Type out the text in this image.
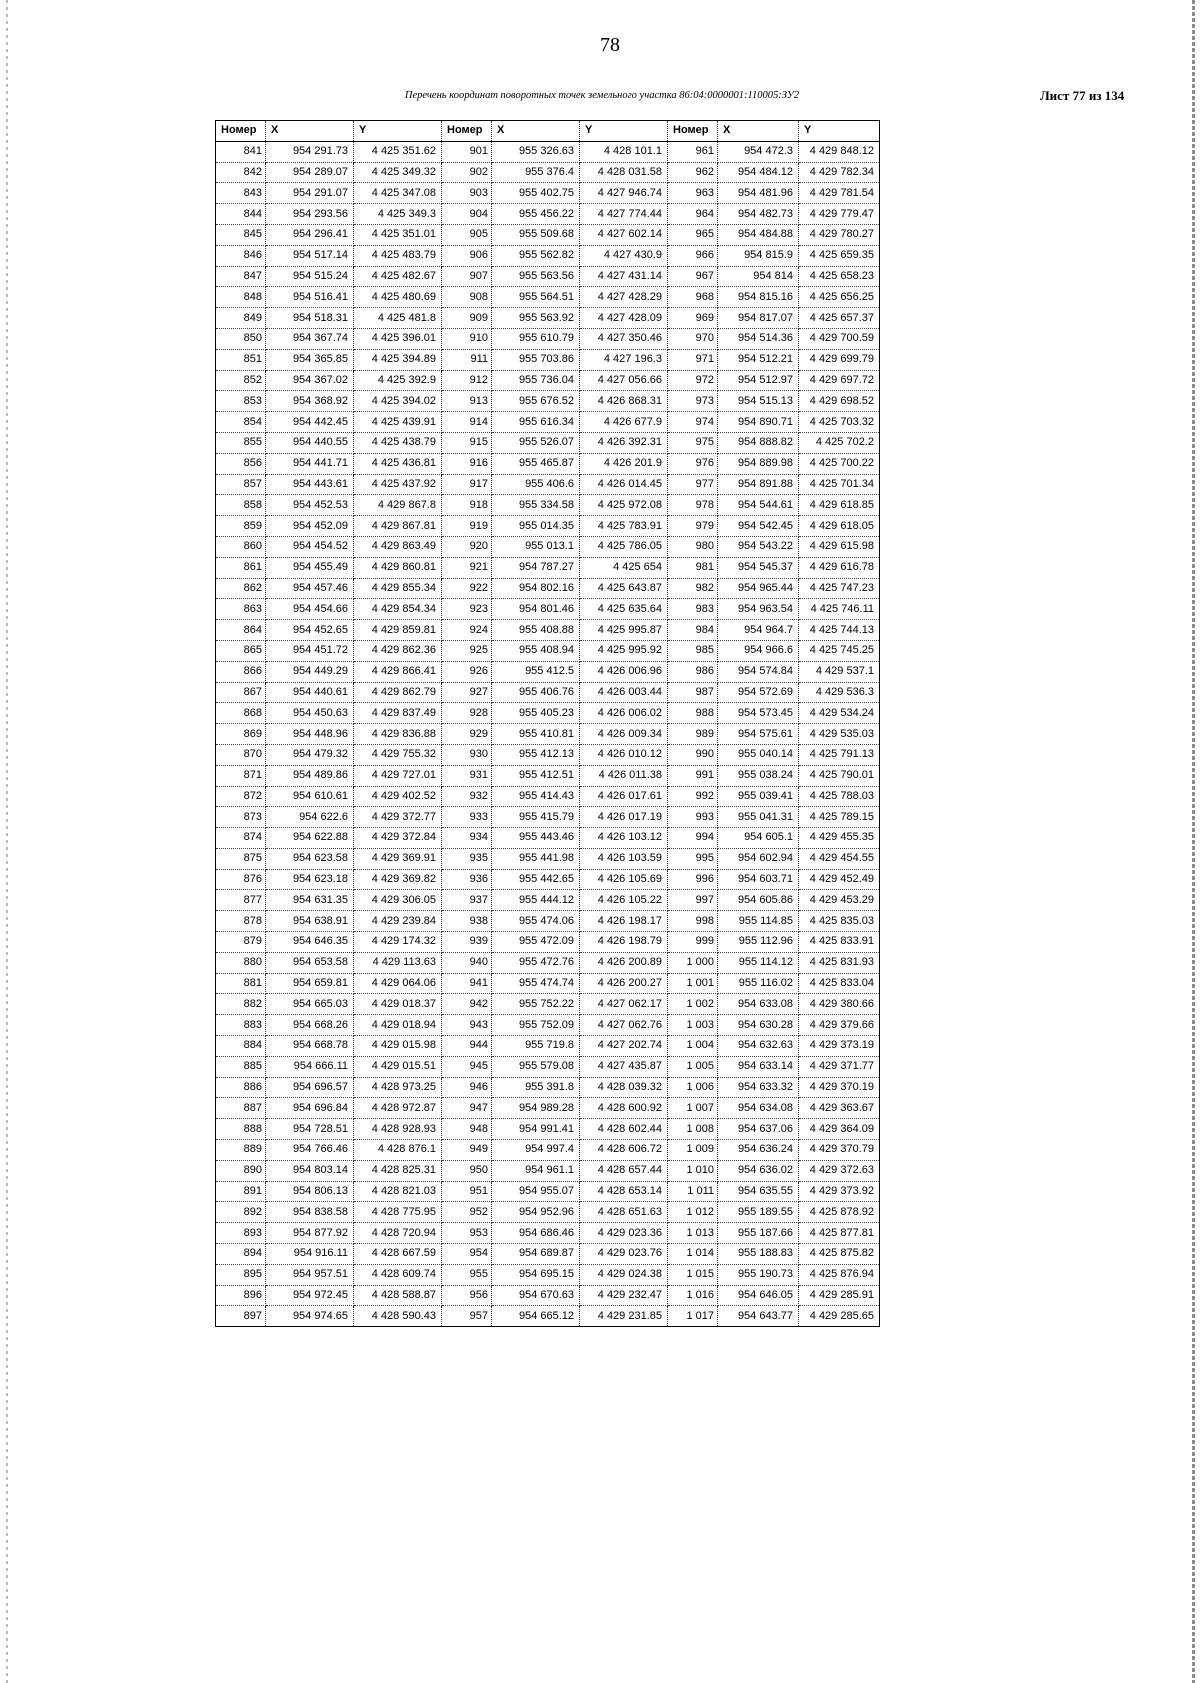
78
Перечень координат поворотных точек земельного участка 86:04:0000001:110005:ЗУ2	Лист 77 из 134
Номер	X	Y	Номер	X	Y	Номер	X	Y
841	954 291.73	4 425 351.62	901	955 326.63	4 428 101.1	961	954 472.3	4 429 848.12
842	954 289.07	4 425 349.32	902	955 376.4	4 428 031.58	962	954 484.12	4 429 782.34
843	954 291.07	4 425 347.08	903	955 402.75	4 427 946.74	963	954 481.96	4 429 781.54
844	954 293.56	4 425 349.3	904	955 456.22	4 427 774.44	964	954 482.73	4 429 779.47
845	954 296.41	4 425 351.01	905	955 509.68	4 427 602.14	965	954 484.88	4 429 780.27
846	954 517.14	4 425 483.79	906	955 562.82	4 427 430.9	966	954 815.9	4 425 659.35
847	954 515.24	4 425 482.67	907	955 563.56	4 427 431.14	967	954 814	4 425 658.23
848	954 516.41	4 425 480.69	908	955 564.51	4 427 428.29	968	954 815.16	4 425 656.25
849	954 518.31	4 425 481.8	909	955 563.92	4 427 428.09	969	954 817.07	4 425 657.37
850	954 367.74	4 425 396.01	910	955 610.79	4 427 350.46	970	954 514.36	4 429 700.59
851	954 365.85	4 425 394.89	911	955 703.86	4 427 196.3	971	954 512.21	4 429 699.79
852	954 367.02	4 425 392.9	912	955 736.04	4 427 056.66	972	954 512.97	4 429 697.72
853	954 368.92	4 425 394.02	913	955 676.52	4 426 868.31	973	954 515.13	4 429 698.52
854	954 442.45	4 425 439.91	914	955 616.34	4 426 677.9	974	954 890.71	4 425 703.32
855	954 440.55	4 425 438.79	915	955 526.07	4 426 392.31	975	954 888.82	4 425 702.2
856	954 441.71	4 425 436.81	916	955 465.87	4 426 201.9	976	954 889.98	4 425 700.22
857	954 443.61	4 425 437.92	917	955 406.6	4 426 014.45	977	954 891.88	4 425 701.34
858	954 452.53	4 429 867.8	918	955 334.58	4 425 972.08	978	954 544.61	4 429 618.85
859	954 452.09	4 429 867.81	919	955 014.35	4 425 783.91	979	954 542.45	4 429 618.05
860	954 454.52	4 429 863.49	920	955 013.1	4 425 786.05	980	954 543.22	4 429 615.98
861	954 455.49	4 429 860.81	921	954 787.27	4 425 654	981	954 545.37	4 429 616.78
862	954 457.46	4 429 855.34	922	954 802.16	4 425 643.87	982	954 965.44	4 425 747.23
863	954 454.66	4 429 854.34	923	954 801.46	4 425 635.64	983	954 963.54	4 425 746.11
864	954 452.65	4 429 859.81	924	955 408.88	4 425 995.87	984	954 964.7	4 425 744.13
865	954 451.72	4 429 862.36	925	955 408.94	4 425 995.92	985	954 966.6	4 425 745.25
866	954 449.29	4 429 866.41	926	955 412.5	4 426 006.96	986	954 574.84	4 429 537.1
867	954 440.61	4 429 862.79	927	955 406.76	4 426 003.44	987	954 572.69	4 429 536.3
868	954 450.63	4 429 837.49	928	955 405.23	4 426 006.02	988	954 573.45	4 429 534.24
869	954 448.96	4 429 836.88	929	955 410.81	4 426 009.34	989	954 575.61	4 429 535.03
870	954 479.32	4 429 755.32	930	955 412.13	4 426 010.12	990	955 040.14	4 425 791.13
871	954 489.86	4 429 727.01	931	955 412.51	4 426 011.38	991	955 038.24	4 425 790.01
872	954 610.61	4 429 402.52	932	955 414.43	4 426 017.61	992	955 039.41	4 425 788.03
873	954 622.6	4 429 372.77	933	955 415.79	4 426 017.19	993	955 041.31	4 425 789.15
874	954 622.88	4 429 372.84	934	955 443.46	4 426 103.12	994	954 605.1	4 429 455.35
875	954 623.58	4 429 369.91	935	955 441.98	4 426 103.59	995	954 602.94	4 429 454.55
876	954 623.18	4 429 369.82	936	955 442.65	4 426 105.69	996	954 603.71	4 429 452.49
877	954 631.35	4 429 306.05	937	955 444.12	4 426 105.22	997	954 605.86	4 429 453.29
878	954 638.91	4 429 239.84	938	955 474.06	4 426 198.17	998	955 114.85	4 425 835.03
879	954 646.35	4 429 174.32	939	955 472.09	4 426 198.79	999	955 112.96	4 425 833.91
880	954 653.58	4 429 113.63	940	955 472.76	4 426 200.89	1 000	955 114.12	4 425 831.93
881	954 659.81	4 429 064.06	941	955 474.74	4 426 200.27	1 001	955 116.02	4 425 833.04
882	954 665.03	4 429 018.37	942	955 752.22	4 427 062.17	1 002	954 633.08	4 429 380.66
883	954 668.26	4 429 018.94	943	955 752.09	4 427 062.76	1 003	954 630.28	4 429 379.66
884	954 668.78	4 429 015.98	944	955 719.8	4 427 202.74	1 004	954 632.63	4 429 373.19
885	954 666.11	4 429 015.51	945	955 579.08	4 427 435.87	1 005	954 633.14	4 429 371.77
886	954 696.57	4 428 973.25	946	955 391.8	4 428 039.32	1 006	954 633.32	4 429 370.19
887	954 696.84	4 428 972.87	947	954 989.28	4 428 600.92	1 007	954 634.08	4 429 363.67
888	954 728.51	4 428 928.93	948	954 991.41	4 428 602.44	1 008	954 637.06	4 429 364.09
889	954 766.46	4 428 876.1	949	954 997.4	4 428 606.72	1 009	954 636.24	4 429 370.79
890	954 803.14	4 428 825.31	950	954 961.1	4 428 657.44	1 010	954 636.02	4 429 372.63
891	954 806.13	4 428 821.03	951	954 955.07	4 428 653.14	1 011	954 635.55	4 429 373.92
892	954 838.58	4 428 775.95	952	954 952.96	4 428 651.63	1 012	955 189.55	4 425 878.92
893	954 877.92	4 428 720.94	953	954 686.46	4 429 023.36	1 013	955 187.66	4 425 877.81
894	954 916.11	4 428 667.59	954	954 689.87	4 429 023.76	1 014	955 188.83	4 425 875.82
895	954 957.51	4 428 609.74	955	954 695.15	4 429 024.38	1 015	955 190.73	4 425 876.94
896	954 972.45	4 428 588.87	956	954 670.63	4 429 232.47	1 016	954 646.05	4 429 285.91
897	954 974.65	4 428 590.43	957	954 665.12	4 429 231.85	1 017	954 643.77	4 429 285.65
